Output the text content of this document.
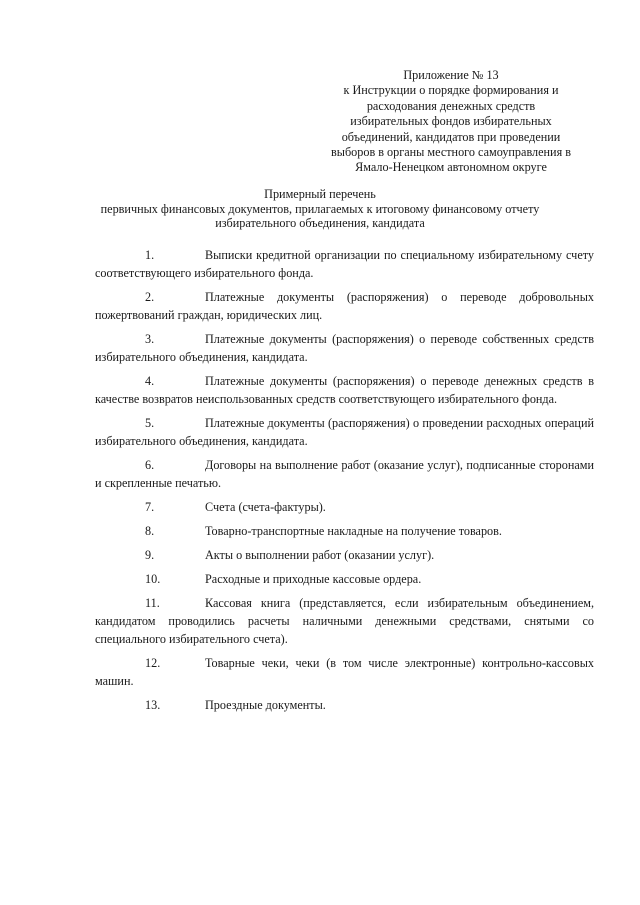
Приложение № 13
к Инструкции о порядке формирования и
расходования денежных средств
избирательных фондов избирательных
объединений, кандидатов при проведении
выборов в органы местного самоуправления в
Ямало-Ненецком автономном округе
Примерный перечень
первичных финансовых документов, прилагаемых к итоговому финансовому отчету
избирательного объединения, кандидата

1.	Выписки кредитной организации по специальному избирательному счету соответствующего избирательного фонда.

2.	Платежные документы (распоряжения) о переводе добровольных пожертвований граждан, юридических лиц.

3.	Платежные документы (распоряжения) о переводе собственных средств избирательного объединения, кандидата.

4.	Платежные документы (распоряжения) о переводе денежных средств в качестве возвратов неиспользованных средств соответствующего избирательного фонда.

5.	Платежные документы (распоряжения) о проведении расходных операций избирательного объединения, кандидата.

6.	Договоры на выполнение работ (оказание услуг), подписанные сторонами и скрепленные печатью.

7.	Счета (счета-фактуры).

8.	Товарно-транспортные накладные на получение товаров.

9.	Акты о выполнении работ (оказании услуг).

10.	Расходные и приходные кассовые ордера.

11.	Кассовая книга (представляется, если избирательным объединением, кандидатом проводились расчеты наличными денежными средствами, снятыми со специального избирательного счета).

12.	Товарные чеки, чеки (в том числе электронные) контрольно-кассовых машин.

13.	Проездные документы.
